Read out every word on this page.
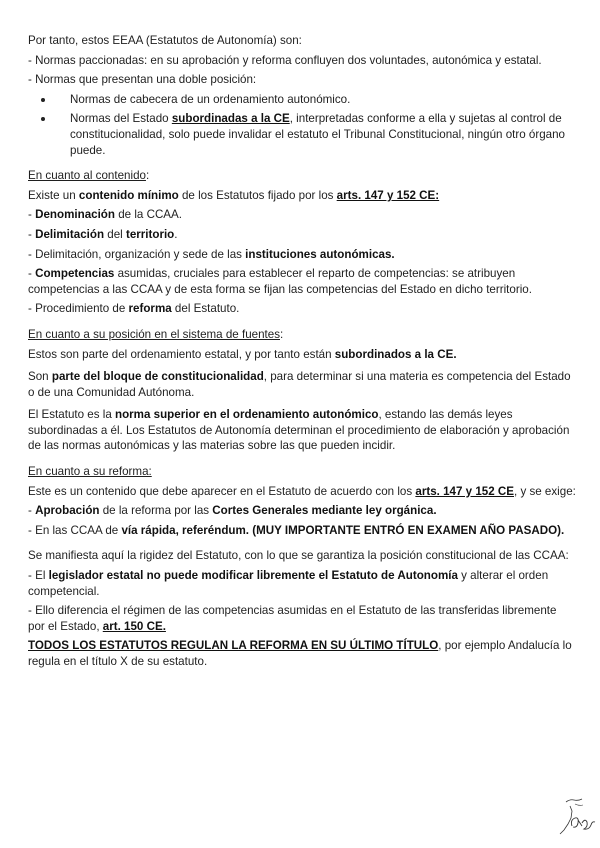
Por tanto, estos EEAA (Estatutos de Autonomía) son:

- Normas paccionadas: en su aprobación y reforma confluyen dos voluntades, autonómica y estatal.

- Normas que presentan una doble posición:

Normas de cabecera de un ordenamiento autonómico.
Normas del Estado subordinadas a la CE, interpretadas conforme a ella y sujetas al control de constitucionalidad, solo puede invalidar el estatuto el Tribunal Constitucional, ningún otro órgano puede.

En cuanto al contenido:

Existe un contenido mínimo de los Estatutos fijado por los arts. 147 y 152 CE:

- Denominación de la CCAA.

- Delimitación del territorio.

- Delimitación, organización y sede de las instituciones autonómicas.

- Competencias asumidas, cruciales para establecer el reparto de competencias: se atribuyen competencias a las CCAA y de esta forma se fijan las competencias del Estado en dicho territorio.

- Procedimiento de reforma del Estatuto.

En cuanto a su posición en el sistema de fuentes:

Estos son parte del ordenamiento estatal, y por tanto están subordinados a la CE.

Son parte del bloque de constitucionalidad, para determinar si una materia es competencia del Estado o de una Comunidad Autónoma.

El Estatuto es la norma superior en el ordenamiento autonómico, estando las demás leyes subordinadas a él. Los Estatutos de Autonomía determinan el procedimiento de elaboración y aprobación de las normas autonómicas y las materias sobre las que pueden incidir.

En cuanto a su reforma:

Este es un contenido que debe aparecer en el Estatuto de acuerdo con los arts. 147 y 152 CE, y se exige:

- Aprobación de la reforma por las Cortes Generales mediante ley orgánica.

- En las CCAA de vía rápida, referéndum. (MUY IMPORTANTE ENTRÓ EN EXAMEN AÑO PASADO).

Se manifiesta aquí la rigidez del Estatuto, con lo que se garantiza la posición constitucional de las CCAA:

- El legislador estatal no puede modificar libremente el Estatuto de Autonomía y alterar el orden competencial.

- Ello diferencia el régimen de las competencias asumidas en el Estatuto de las transferidas libremente por el Estado, art. 150 CE.

TODOS LOS ESTATUTOS REGULAN LA REFORMA EN SU ÚLTIMO TÍTULO, por ejemplo Andalucía lo regula en el título X de su estatuto.
